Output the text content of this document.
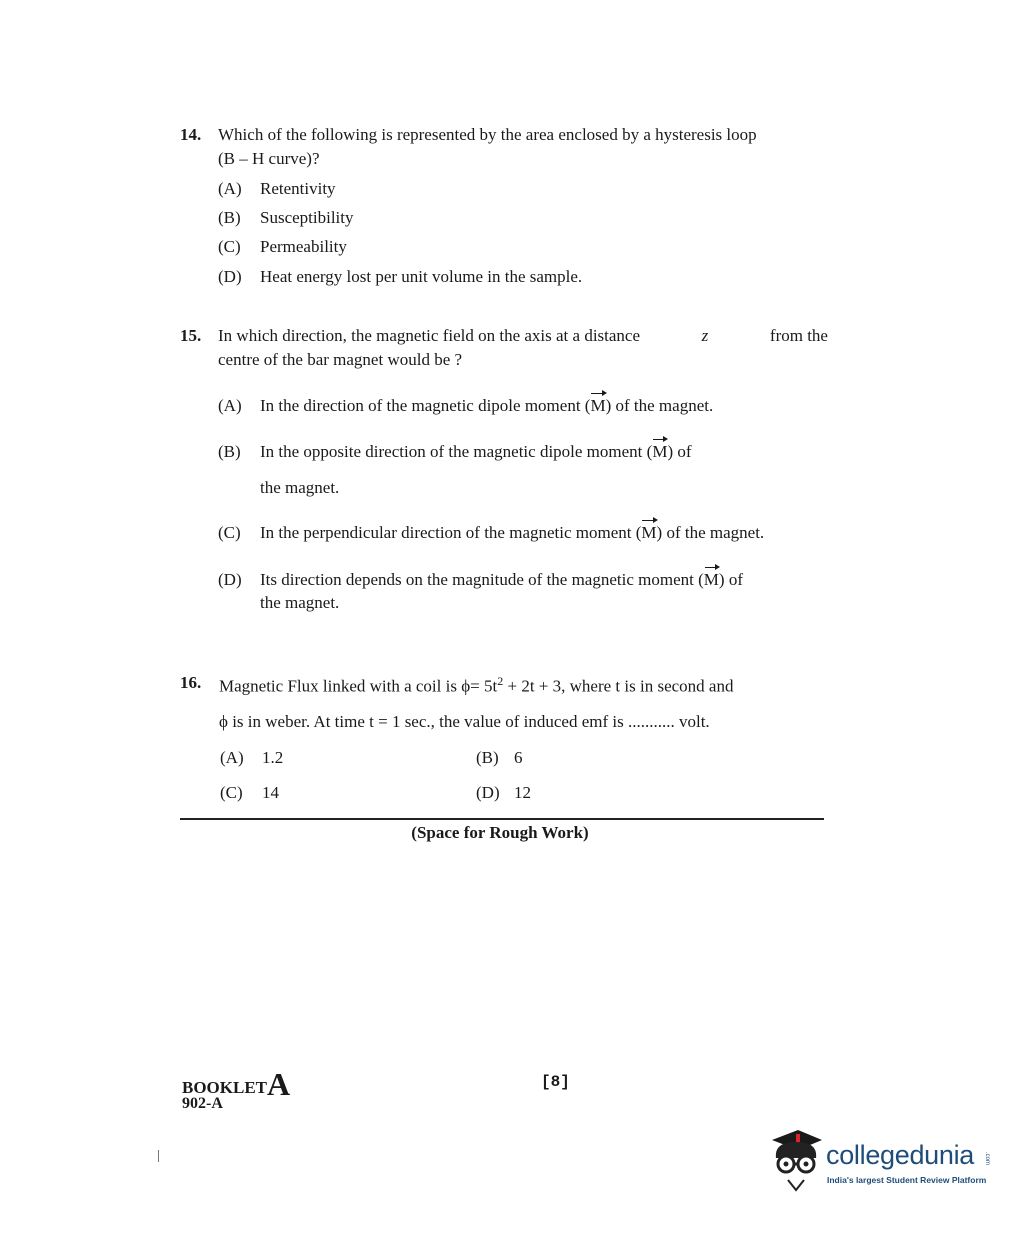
14. Which of the following is represented by the area enclosed by a hysteresis loop
(B – H curve)?
(A) Retentivity
(B) Susceptibility
(C) Permeability
(D) Heat energy lost per unit volume in the sample.
15. In which direction, the magnetic field on the axis at a distance	z	from the
centre of the bar magnet would be ?
(A) In the direction of the magnetic dipole moment (M) of the magnet.
(B) In the opposite direction of the magnetic dipole moment (M) of
the magnet.
(C) In the perpendicular direction of the magnetic moment (M) of the magnet.
(D) Its direction depends on the magnitude of the magnetic moment (M) of
the magnet.
16. Magnetic Flux linked with a coil is $\phi= 5t^2 + 2t + 3$, where t is in second and
ϕ is in weber. At time t = 1 sec., the value of induced emf is ........... volt.
(A) 1.2	(B) 6
(C) 14	(D) 12
(Space for Rough Work)
BOOKLETA
902-A
[8]
collegedunia .com
India's largest Student Review Platform
